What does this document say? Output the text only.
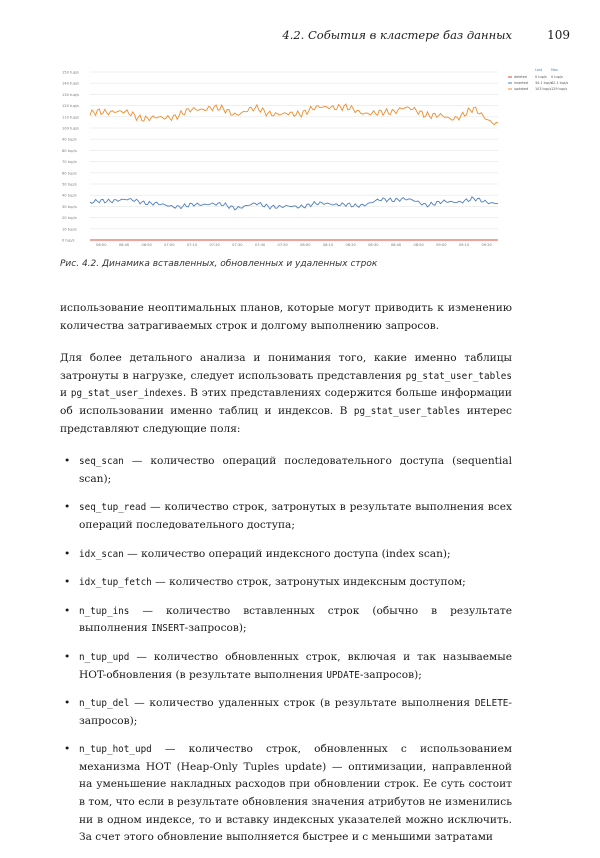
4.2. События в кластере баз данных	109
0 tup/s
10 tup/s
20 tup/s
30 tup/s
40 tup/s
50 tup/s
60 tup/s
70 tup/s
80 tup/s
90 tup/s
100 tup/s
110 tup/s
120 tup/s
130 tup/s
140 tup/s
150 tup/s
06:00	06:40	06:50	07:00	07:10	07:20	07:30	07:40	07:50	08:00	08:10	08:20	08:30	08:40	08:50	09:00	09:10	09:20
Last	Max
deleted 0 tup/s 0 tup/s
inserted 34.1 tup/s
42.1 tup/s
updated 103 tup/s 129 tup/s
Рис. 4.2. Динамика вставленных, обновленных и удаленных строк

использование неоптимальных планов, которые могут приводить к изменению количества затрагиваемых строк и долгому выполнению запросов.

Для более детального анализа и понимания того, какие именно таблицы затронуты в нагрузке, следует использовать представления pg_stat_user_tables и pg_stat_user_indexes. В этих представлениях содержится больше информации об использовании именно таблиц и индексов. В pg_stat_user_tables интерес представляют следующие поля:

• seq_scan — количество операций последовательного доступа (sequential scan);
• seq_tup_read — количество строк, затронутых в результате выполнения всех операций последовательного доступа;
• idx_scan — количество операций индексного доступа (index scan);
• idx_tup_fetch — количество строк, затронутых индексным доступом;
• n_tup_ins — количество вставленных строк (обычно в результате выполнения INSERT-запросов);
• n_tup_upd — количество обновленных строк, включая и так называемые HOT-обновления (в результате выполнения UPDATE-запросов);
• n_tup_del — количество удаленных строк (в результате выполнения DELETE-запросов);
• n_tup_hot_upd — количество строк, обновленных с использованием механизма HOT (Heap-Only Tuples update) — оптимизации, направленной на уменьшение накладных расходов при обновлении строк. Ее суть состоит в том, что если в результате обновления значения атрибутов не изменились ни в одном индексе, то и вставку индексных указателей можно исключить. За счет этого обновление выполняется быстрее и с меньшими затратами
